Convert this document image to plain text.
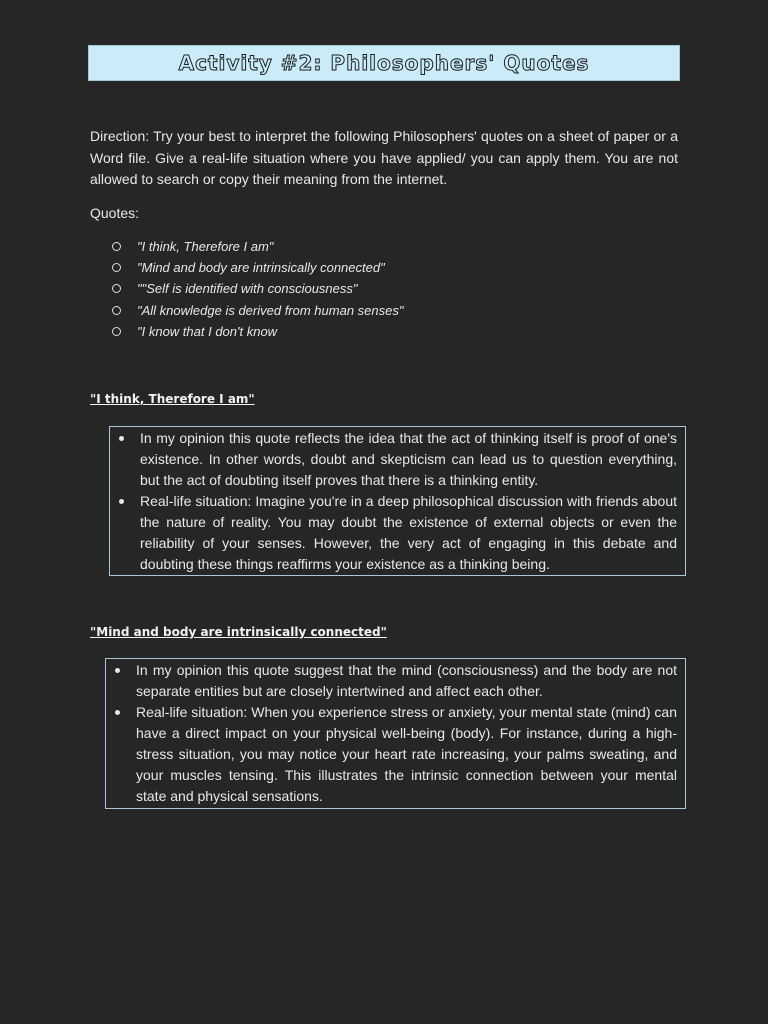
Activity #2: Philosophers' Quotes
Direction: Try your best to interpret the following Philosophers' quotes on a sheet of paper or a Word file. Give a real-life situation where you have applied/ you can apply them. You are not allowed to search or copy their meaning from the internet.
Quotes:
"I think, Therefore I am"
"Mind and body are intrinsically connected"
""Self is identified with consciousness"
"All knowledge is derived from human senses"
"I know that I don't know
"I think, Therefore I am"
In my opinion this quote reflects the idea that the act of thinking itself is proof of one's existence. In other words, doubt and skepticism can lead us to question everything, but the act of doubting itself proves that there is a thinking entity.
Real-life situation: Imagine you're in a deep philosophical discussion with friends about the nature of reality. You may doubt the existence of external objects or even the reliability of your senses. However, the very act of engaging in this debate and doubting these things reaffirms your existence as a thinking being.
"Mind and body are intrinsically connected"
In my opinion this quote suggest that the mind (consciousness) and the body are not separate entities but are closely intertwined and affect each other.
Real-life situation: When you experience stress or anxiety, your mental state (mind) can have a direct impact on your physical well-being (body). For instance, during a high-stress situation, you may notice your heart rate increasing, your palms sweating, and your muscles tensing. This illustrates the intrinsic connection between your mental state and physical sensations.
